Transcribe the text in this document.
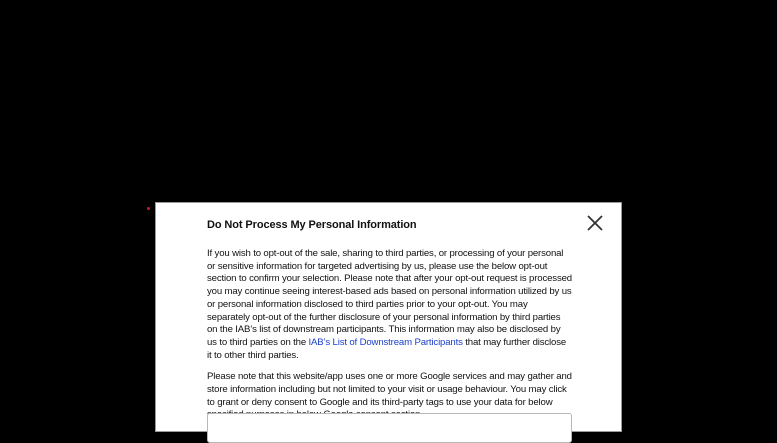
Do Not Process My Personal Information

If you wish to opt-out of the sale, sharing to third parties, or processing of your personal or sensitive information for targeted advertising by us, please use the below opt-out section to confirm your selection. Please note that after your opt-out request is processed you may continue seeing interest-based ads based on personal information utilized by us or personal information disclosed to third parties prior to your opt-out. You may separately opt-out of the further disclosure of your personal information by third parties on the IAB’s list of downstream participants. This information may also be disclosed by us to third parties on the IAB’s List of Downstream Participants that may further disclose it to other third parties.

Please note that this website/app uses one or more Google services and may gather and store information including but not limited to your visit or usage behaviour. You may click to grant or deny consent to Google and its third-party tags to use your data for below
